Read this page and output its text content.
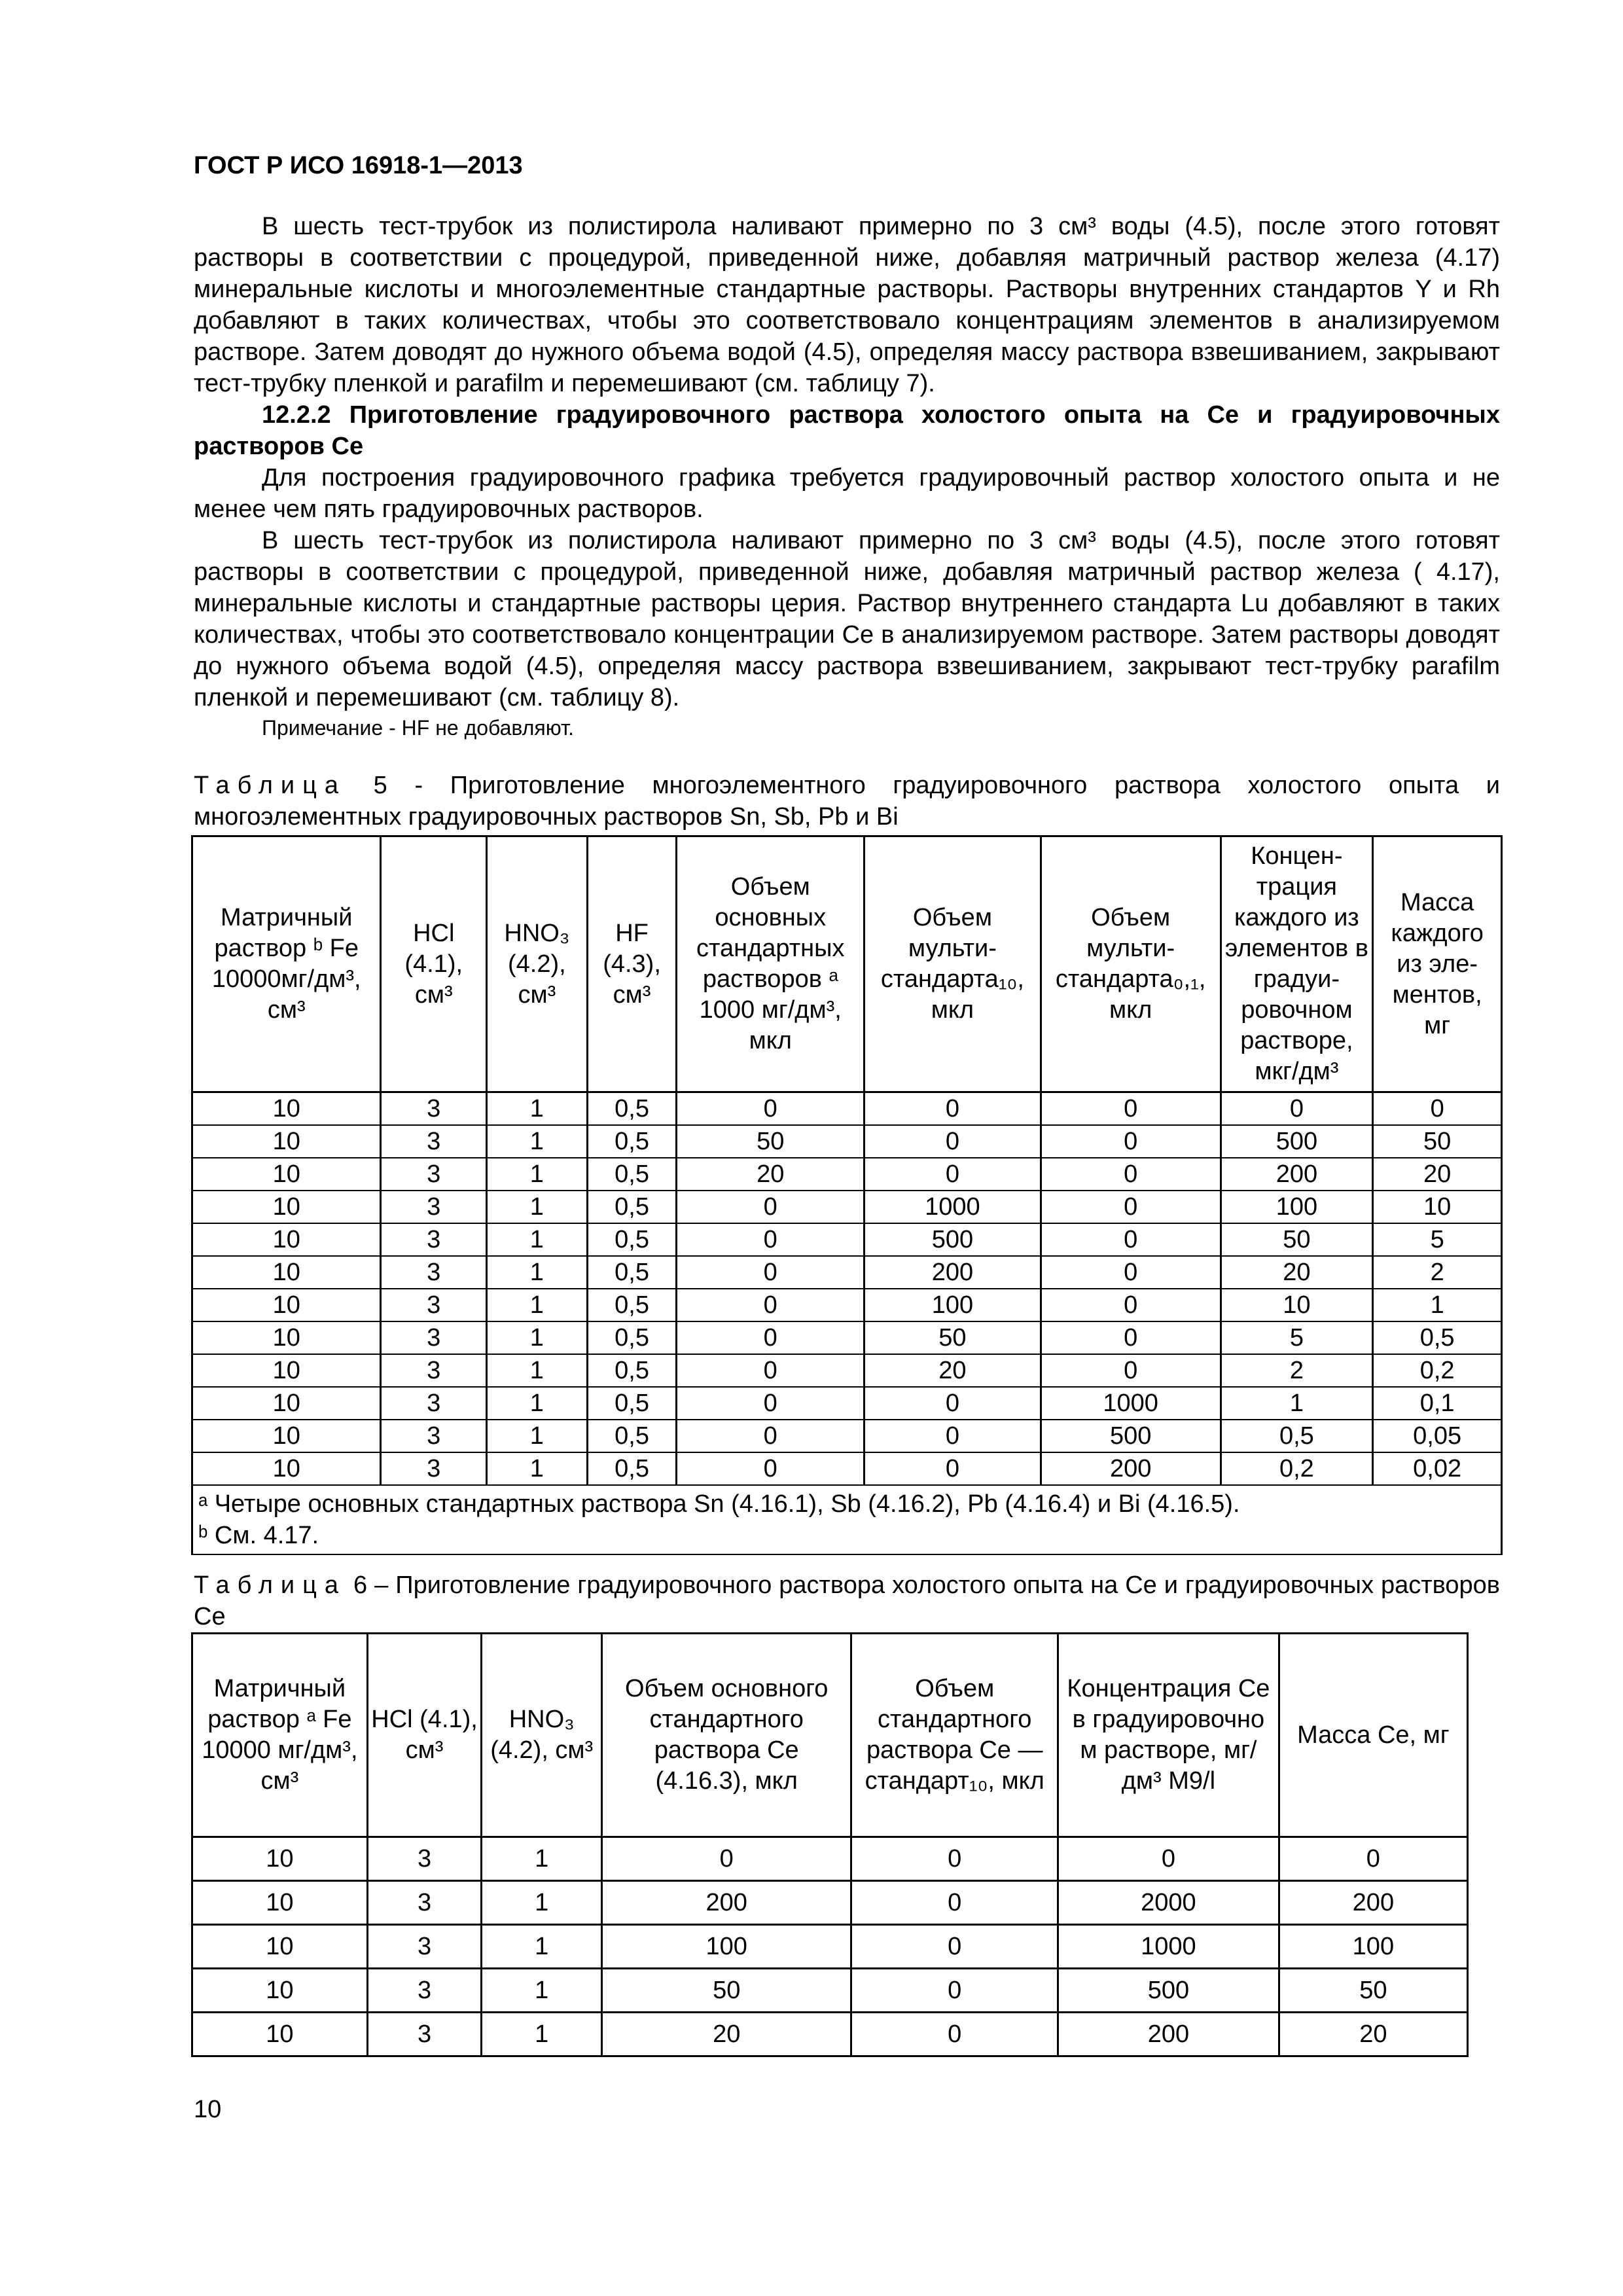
ГОСТ Р ИСО 16918-1—2013

В шесть тест-трубок из полистирола наливают примерно по 3 см³ воды (4.5), после этого готовят растворы в соответствии с процедурой, приведенной ниже, добавляя матричный раствор железа (4.17) минеральные кислоты и многоэлементные стандартные растворы. Растворы внутренних стандартов Y и Rh добавляют в таких количествах, чтобы это соответствовало концентрациям элементов в анализируемом растворе. Затем доводят до нужного объема водой (4.5), определяя массу раствора взвешиванием, закрывают тест-трубку пленкой и parafilm и перемешивают (см. таблицу 7).

12.2.2 Приготовление градуировочного раствора холостого опыта на Ce и градуировочных растворов Ce

Для построения градуировочного графика требуется градуировочный раствор холостого опыта и не менее чем пять градуировочных растворов.

В шесть тест-трубок из полистирола наливают примерно по 3 см³ воды (4.5), после этого готовят растворы в соответствии с процедурой, приведенной ниже, добавляя матричный раствор железа ( 4.17), минеральные кислоты и стандартные растворы церия. Раствор внутреннего стандарта Lu добавляют в таких количествах, чтобы это соответствовало концентрации Ce в анализируемом растворе. Затем растворы доводят до нужного объема водой (4.5), определяя массу раствора взвешиванием, закрывают тест-трубку parafilm пленкой и перемешивают (см. таблицу 8).

Примечание - HF не добавляют.

Таблица 5 - Приготовление многоэлементного градуировочного раствора холостого опыта и многоэлементных градуировочных растворов Sn, Sb, Pb и Bi
Матричный раствор ᵇ Fe 10000мг/дм³, см³	HCl (4.1), см³	HNO₃ (4.2), см³	HF (4.3), см³	Объем основных стандартных растворов ᵃ 1000 мг/дм³, мкл	Объем мульти-стандарта₁₀, мкл	Объем мульти-стандарта₀,₁, мкл	Концен-трация каждого из элементов в градуи-ровочном растворе, мкг/дм³	Масса каждого из эле-ментов, мг
10	3	1	0,5	0	0	0	0	0
10	3	1	0,5	50	0	0	500	50
10	3	1	0,5	20	0	0	200	20
10	3	1	0,5	0	1000	0	100	10
10	3	1	0,5	0	500	0	50	5
10	3	1	0,5	0	200	0	20	2
10	3	1	0,5	0	100	0	10	1
10	3	1	0,5	0	50	0	5	0,5
10	3	1	0,5	0	20	0	2	0,2
10	3	1	0,5	0	0	1000	1	0,1
10	3	1	0,5	0	0	500	0,5	0,05
10	3	1	0,5	0	0	200	0,2	0,02

ᵃ Четыре основных стандартных раствора Sn (4.16.1), Sb (4.16.2), Pb (4.16.4) и Bi (4.16.5).
ᵇ См. 4.17.								
Таблица 6 – Приготовление градуировочного раствора холостого опыта на Ce и градуировочных растворов Ce
Матричный раствор ᵃ Fe 10000 мг/дм³, см³	HCl (4.1), см³	HNO₃ (4.2), см³	Объем основного стандартного раствора Ce (4.16.3), мкл	Объем стандартного раствора Ce — стандарт₁₀, мкл	Концентрация Ce в градуировочно м растворе, мг/дм³ M9/l	Масса Ce, мг
10	3	1	0	0	0	0
10	3	1	200	0	2000	200
10	3	1	100	0	1000	100
10	3	1	50	0	500	50
10	3	1	20	0	200	20
10
